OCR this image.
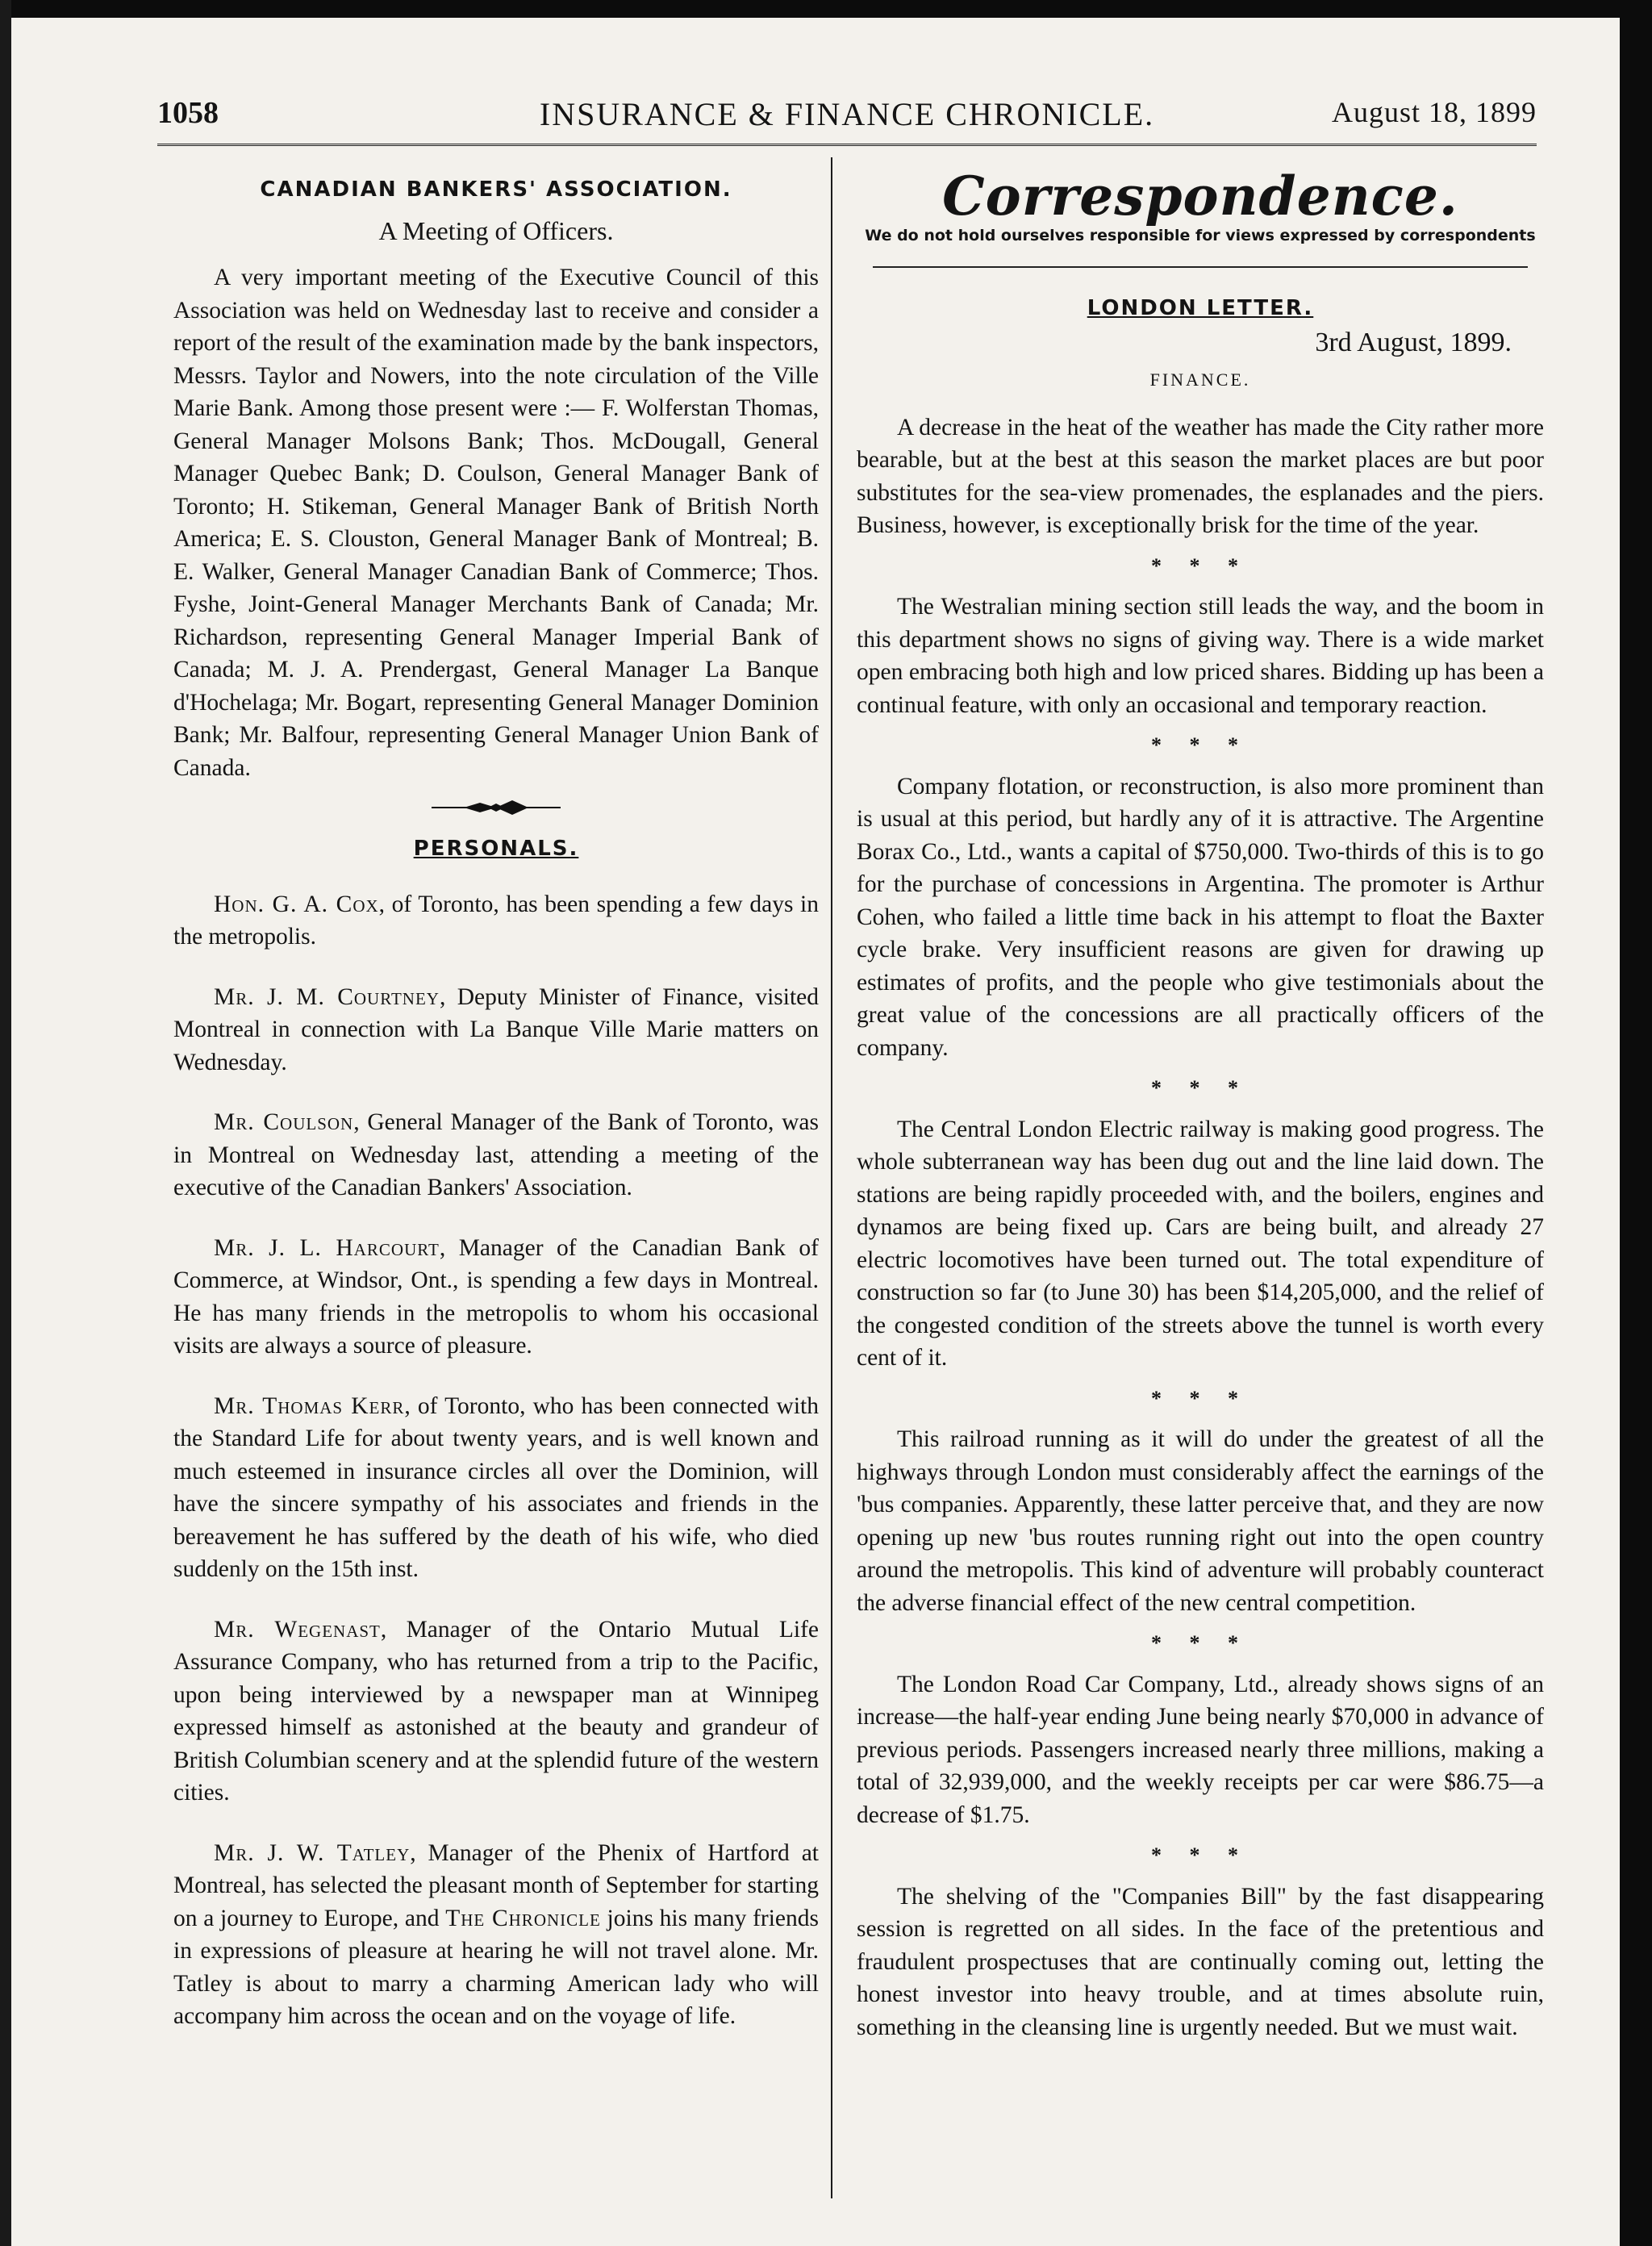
1058	INSURANCE & FINANCE CHRONICLE.	August 18, 1899
CANADIAN BANKERS' ASSOCIATION.
A Meeting of Officers.

A very important meeting of the Executive Council of this Association was held on Wednesday last to receive and consider a report of the result of the examination made by the bank inspectors, Messrs. Taylor and Nowers, into the note circulation of the Ville Marie Bank. Among those present were :— F. Wolferstan Thomas, General Manager Molsons Bank; Thos. McDougall, General Manager Quebec Bank; D. Coulson, General Manager Bank of Toronto; H. Stikeman, General Manager Bank of British North America; E. S. Clouston, General Manager Bank of Montreal; B. E. Walker, General Manager Canadian Bank of Commerce; Thos. Fyshe, Joint-General Manager Merchants Bank of Canada; Mr. Richardson, representing General Manager Imperial Bank of Canada; M. J. A. Prendergast, General Manager La Banque d'Hochelaga; Mr. Bogart, representing General Manager Dominion Bank; Mr. Balfour, representing General Manager Union Bank of Canada.

PERSONALS.

Hon. G. A. Cox, of Toronto, has been spending a few days in the metropolis.

Mr. J. M. Courtney, Deputy Minister of Finance, visited Montreal in connection with La Banque Ville Marie matters on Wednesday.

Mr. Coulson, General Manager of the Bank of Toronto, was in Montreal on Wednesday last, attending a meeting of the executive of the Canadian Bankers' Association.

Mr. J. L. Harcourt, Manager of the Canadian Bank of Commerce, at Windsor, Ont., is spending a few days in Montreal. He has many friends in the metropolis to whom his occasional visits are always a source of pleasure.

Mr. Thomas Kerr, of Toronto, who has been connected with the Standard Life for about twenty years, and is well known and much esteemed in insurance circles all over the Dominion, will have the sincere sympathy of his associates and friends in the bereavement he has suffered by the death of his wife, who died suddenly on the 15th inst.

Mr. Wegenast, Manager of the Ontario Mutual Life Assurance Company, who has returned from a trip to the Pacific, upon being interviewed by a newspaper man at Winnipeg expressed himself as astonished at the beauty and grandeur of British Columbian scenery and at the splendid future of the western cities.

Mr. J. W. Tatley, Manager of the Phenix of Hartford at Montreal, has selected the pleasant month of September for starting on a journey to Europe, and The Chronicle joins his many friends in expressions of pleasure at hearing he will not travel alone. Mr. Tatley is about to marry a charming American lady who will accompany him across the ocean and on the voyage of life.

Correspondence.
We do not hold ourselves responsible for views expressed by correspondents
LONDON LETTER.
3rd August, 1899.
FINANCE.

A decrease in the heat of the weather has made the City rather more bearable, but at the best at this season the market places are but poor substitutes for the sea-view promenades, the esplanades and the piers. Business, however, is exceptionally brisk for the time of the year.

* * *

The Westralian mining section still leads the way, and the boom in this department shows no signs of giving way. There is a wide market open embracing both high and low priced shares. Bidding up has been a continual feature, with only an occasional and temporary reaction.

* * *

Company flotation, or reconstruction, is also more prominent than is usual at this period, but hardly any of it is attractive. The Argentine Borax Co., Ltd., wants a capital of $750,000. Two-thirds of this is to go for the purchase of concessions in Argentina. The promoter is Arthur Cohen, who failed a little time back in his attempt to float the Baxter cycle brake. Very insufficient reasons are given for drawing up estimates of profits, and the people who give testimonials about the great value of the concessions are all practically officers of the company.

* * *

The Central London Electric railway is making good progress. The whole subterranean way has been dug out and the line laid down. The stations are being rapidly proceeded with, and the boilers, engines and dynamos are being fixed up. Cars are being built, and already 27 electric locomotives have been turned out. The total expenditure of construction so far (to June 30) has been $14,205,000, and the relief of the congested condition of the streets above the tunnel is worth every cent of it.

* * *

This railroad running as it will do under the greatest of all the highways through London must considerably affect the earnings of the 'bus companies. Apparently, these latter perceive that, and they are now opening up new 'bus routes running right out into the open country around the metropolis. This kind of adventure will probably counteract the adverse financial effect of the new central competition.

* * *

The London Road Car Company, Ltd., already shows signs of an increase—the half-year ending June being nearly $70,000 in advance of previous periods. Passengers increased nearly three millions, making a total of 32,939,000, and the weekly receipts per car were $86.75—a decrease of $1.75.

* * *

The shelving of the "Companies Bill" by the fast disappearing session is regretted on all sides. In the face of the pretentious and fraudulent prospectuses that are continually coming out, letting the honest investor into heavy trouble, and at times absolute ruin, something in the cleansing line is urgently needed. But we must wait.
